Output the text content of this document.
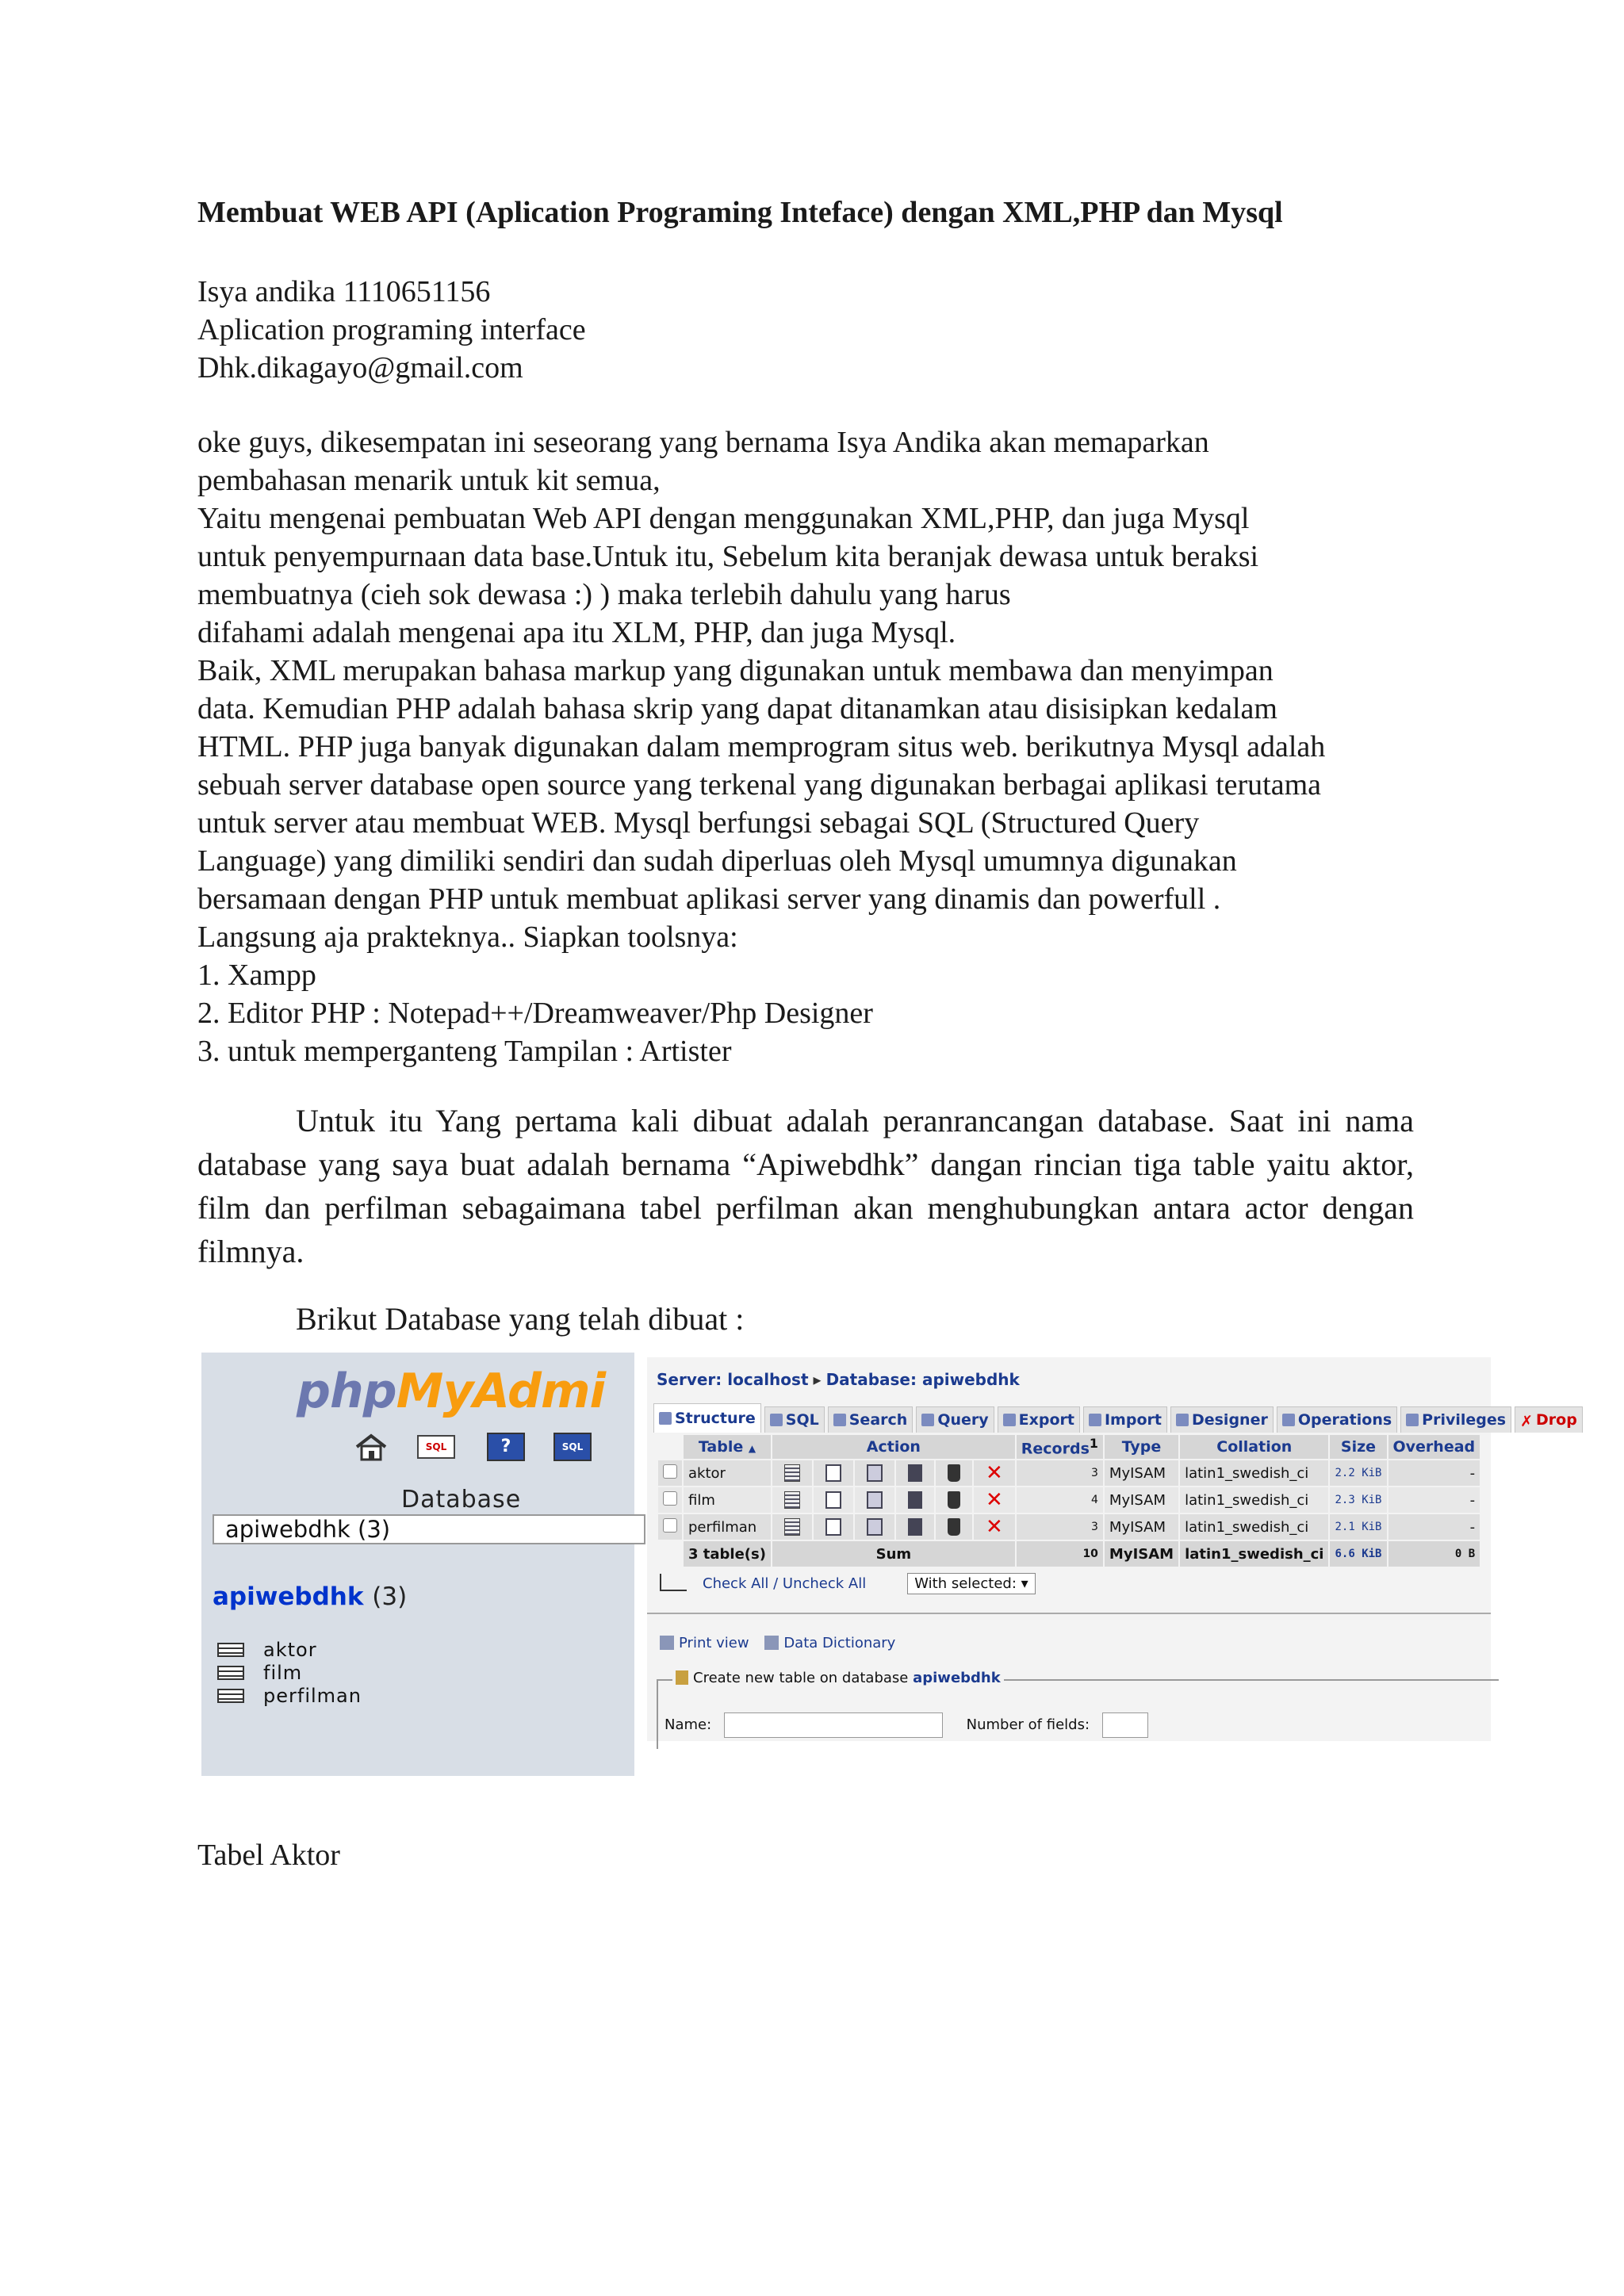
Membuat WEB API (Aplication Programing Inteface) dengan XML,PHP dan Mysql
Isya andika 1110651156
Aplication programing interface
Dhk.dikagayo@gmail.com
oke guys, dikesempatan ini seseorang yang bernama Isya Andika akan memaparkan
pembahasan menarik untuk kit semua,
Yaitu mengenai pembuatan Web API dengan menggunakan XML,PHP, dan juga Mysql
untuk penyempurnaan data base.Untuk itu, Sebelum kita beranjak dewasa untuk beraksi
membuatnya (cieh sok dewasa :) ) maka terlebih dahulu yang harus
difahami adalah mengenai apa itu XLM, PHP, dan juga Mysql.
Baik, XML merupakan bahasa markup yang digunakan untuk membawa dan menyimpan
data. Kemudian PHP adalah bahasa skrip yang dapat ditanamkan atau disisipkan kedalam
HTML. PHP juga banyak digunakan dalam memprogram situs web. berikutnya Mysql adalah
sebuah server database open source yang terkenal yang digunakan berbagai aplikasi terutama
untuk server atau membuat WEB. Mysql berfungsi sebagai SQL (Structured Query
Language) yang dimiliki sendiri dan sudah diperluas oleh Mysql umumnya digunakan
bersamaan dengan PHP untuk membuat aplikasi server yang dinamis dan powerfull .
Langsung aja prakteknya.. Siapkan toolsnya:
1. Xampp
2. Editor PHP : Notepad++/Dreamweaver/Php Designer
3. untuk memperganteng Tampilan : Artister

Untuk itu Yang pertama kali dibuat adalah peranrancangan database. Saat ini nama database yang saya buat adalah bernama “Apiwebdhk” dangan rincian tiga table yaitu aktor, film dan perfilman sebagaimana tabel perfilman akan menghubungkan antara actor dengan filmnya.

Brikut Database yang telah dibuat :
phpMyAdmi
SQL	?	SQL
Database
apiwebdhk (3)
apiwebdhk (3)
aktor
film
perfilman
Server: localhost ▸ Database: apiwebdhk
Structure SQL Search Query Export Import Designer Operations Privileges ✗ Drop
	Table ▲	Action						Records$^1$	Type	Collation	Size	Overhead
	aktor						✕	3	MyISAM	latin1_swedish_ci	2.2 KiB	-
	film						✕	4	MyISAM	latin1_swedish_ci	2.3 KiB	-
	perfilman						✕	3	MyISAM	latin1_swedish_ci	2.1 KiB	-
	3 table(s)	Sum						10	MyISAM	latin1_swedish_ci	6.6 KiB	0 B
Check All / Uncheck All	With selected: ▾
Print view Data Dictionary
Create new table on database apiwebdhk
Name:	Number of fields:
Tabel Aktor
